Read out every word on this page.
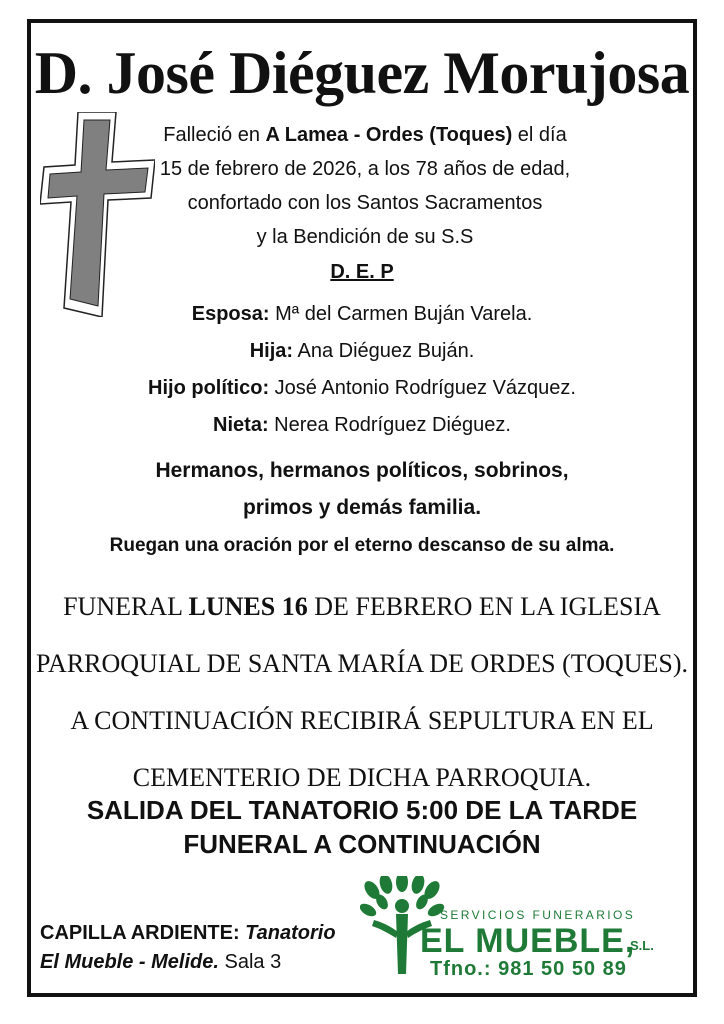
D. José Diéguez Morujosa

Falleció en A Lamea - Ordes (Toques) el día

15 de febrero de 2026, a los 78 años de edad,

confortado con los Santos Sacramentos

y la Bendición de su S.S

D. E. P

Esposa: Mª del Carmen Buján Varela.

Hija: Ana Diéguez Buján.

Hijo político: José Antonio Rodríguez Vázquez.

Nieta: Nerea Rodríguez Diéguez.

Hermanos, hermanos políticos, sobrinos,

primos y demás familia.

Ruegan una oración por el eterno descanso de su alma.

FUNERAL LUNES 16 DE FEBRERO EN LA IGLESIA

PARROQUIAL DE SANTA MARÍA DE ORDES (TOQUES).

A CONTINUACIÓN RECIBIRÁ SEPULTURA EN EL

CEMENTERIO DE DICHA PARROQUIA.

SALIDA DEL TANATORIO 5:00 DE LA TARDE

FUNERAL A CONTINUACIÓN

CAPILLA ARDIENTE: Tanatorio

El Mueble - Melide. Sala 3

SERVICIOS FUNERARIOS
EL MUEBLE,
S.L.
Tfno.: 981 50 50 89
